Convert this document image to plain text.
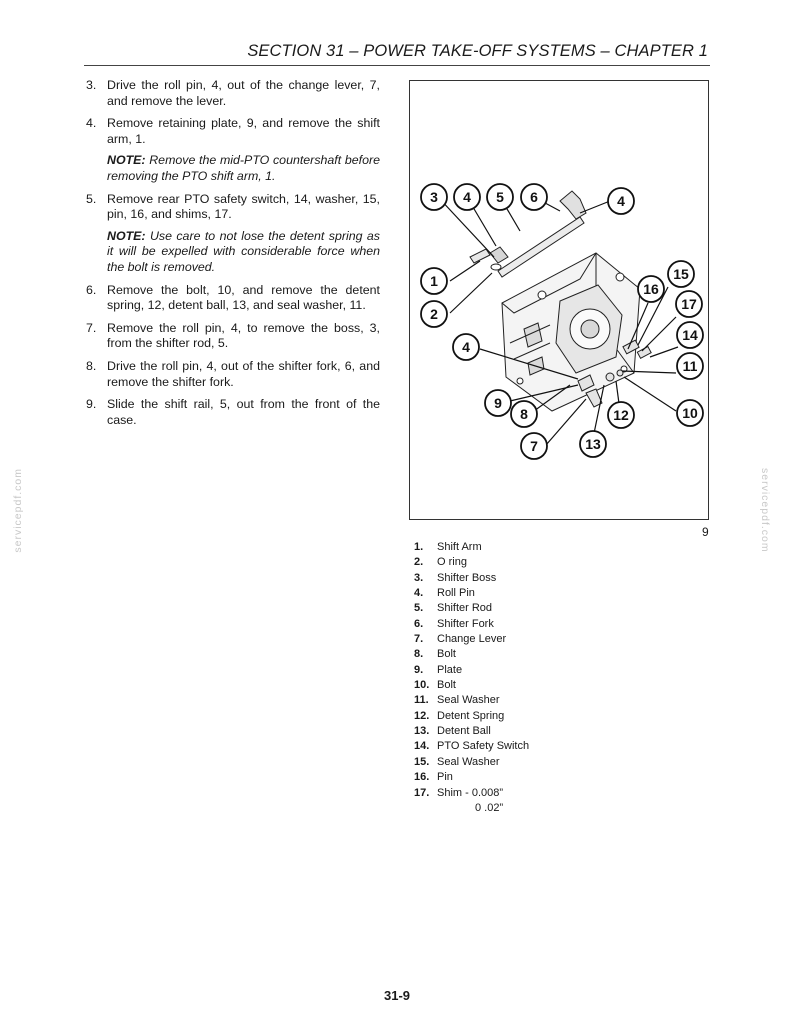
SECTION 31 – POWER TAKE-OFF SYSTEMS – CHAPTER 1
3. Drive the roll pin, 4, out of the change lever, 7, and remove the lever.
4. Remove retaining plate, 9, and remove the shift arm, 1.
NOTE: Remove the mid-PTO countershaft before removing the PTO shift arm, 1.
5. Remove rear PTO safety switch, 14, washer, 15, pin, 16, and shims, 17.
NOTE: Use care to not lose the detent spring as it will be expelled with considerable force when the bolt is removed.
6. Remove the bolt, 10, and remove the detent spring, 12, detent ball, 13, and seal washer, 11.
7. Remove the roll pin, 4, to remove the boss, 3, from the shifter rod, 5.
8. Drive the roll pin, 4, out of the shifter fork, 6, and remove the shifter fork.
9. Slide the shift rail, 5, out from the front of the case.
3 4 5 6	4
1
2
15
16
17
14
4
11
9
8	12	10
7	13
9
1.	Shift Arm
2.	O ring
3.	Shifter Boss
4.	Roll Pin
5.	Shifter Rod
6.	Shifter Fork
7.	Change Lever
8.	Bolt
9.	Plate
10. Bolt
11. Seal Washer
12. Detent Spring
13. Detent Ball
14. PTO Safety Switch
15. Seal Washer
16. Pin
17. Shim - 0.008”
0 .02”
servicepdf.com	servicepdf.com
31-9
